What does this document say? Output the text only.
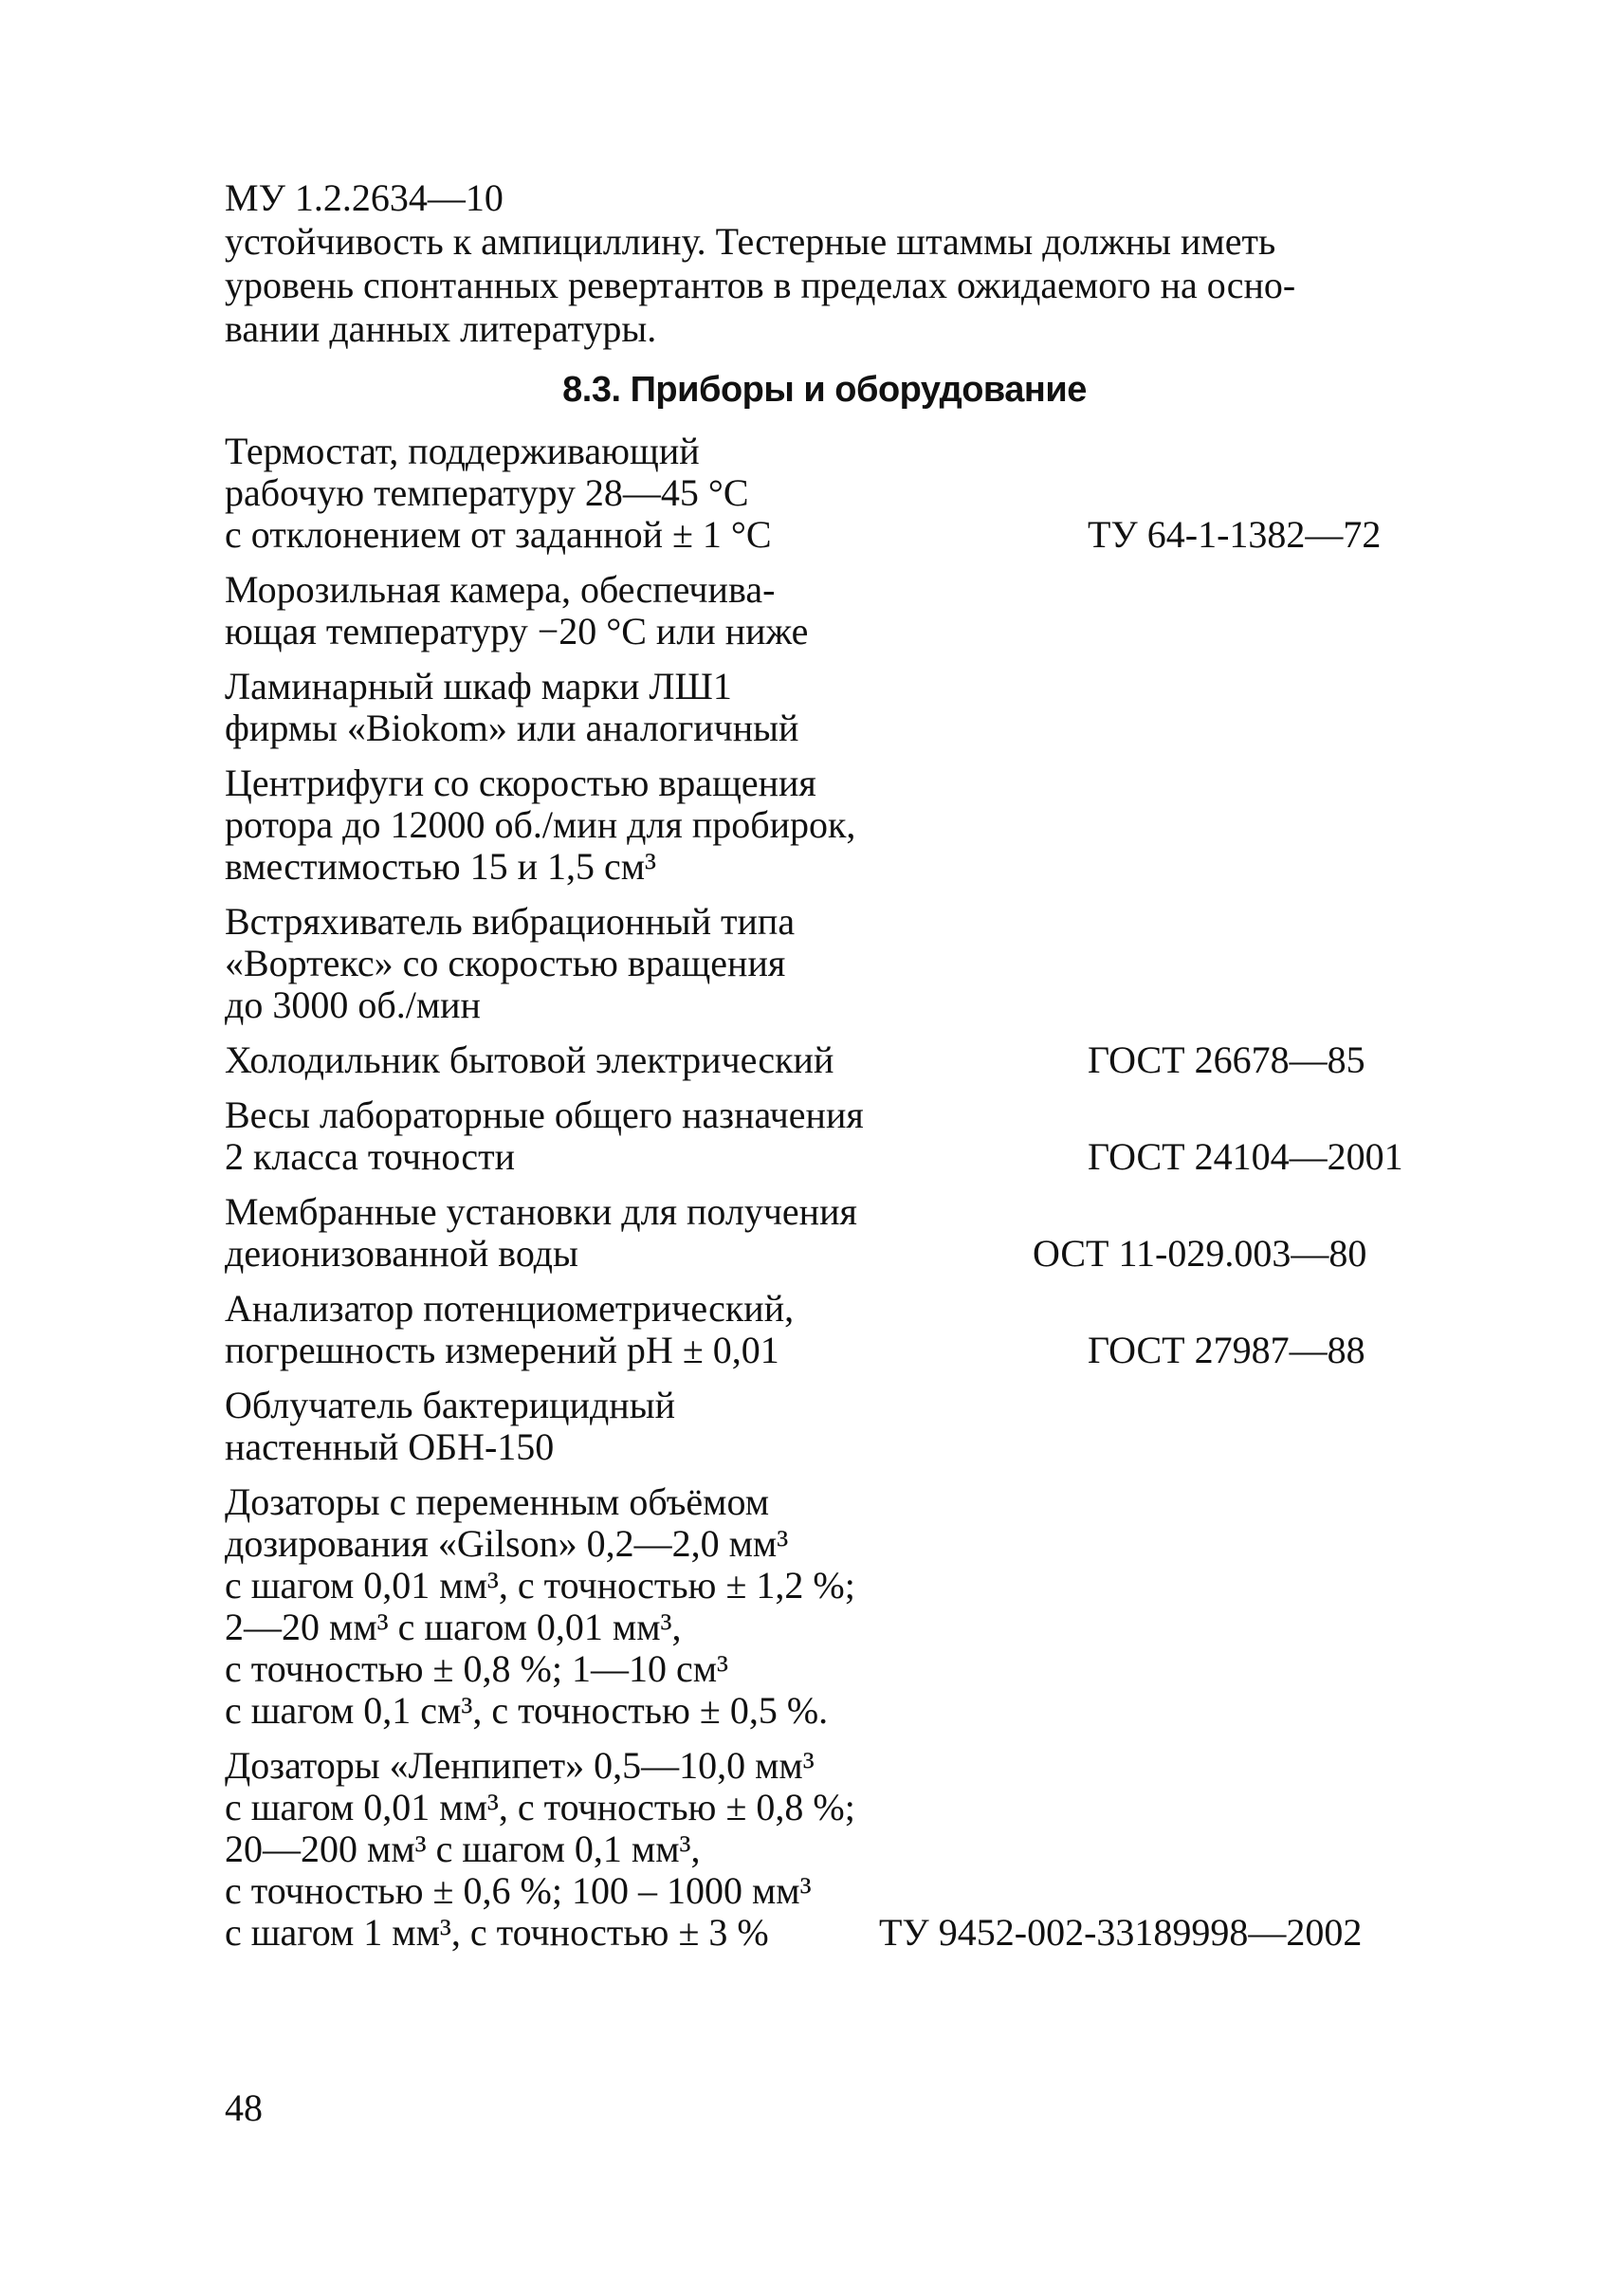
МУ 1.2.2634—10

устойчивость к ампициллину. Тестерные штаммы должны иметь
уровень спонтанных ревертантов в пределах ожидаемого на осно-
вании данных литературы.

8.3. Приборы и оборудование
Термостат, поддерживающий
рабочую температуру 28—45 °С
с отклонением от заданной ± 1 °С	ТУ 64-1-1382—72
Морозильная камера, обеспечива-
ющая температуру −20 °С или ниже
Ламинарный шкаф марки ЛШ1
фирмы «Biokom» или аналогичный
Центрифуги со скоростью вращения
ротора до 12000 об./мин для пробирок,
вместимостью 15 и 1,5 см³
Встряхиватель вибрационный типа
«Вортекс» со скоростью вращения
до 3000 об./мин
Холодильник бытовой электрический	ГОСТ 26678—85
Весы лабораторные общего назначения
2 класса точности	ГОСТ 24104—2001
Мембранные установки для получения
деионизованной воды	ОСТ 11-029.003—80
Анализатор потенциометрический,
погрешность измерений pH ± 0,01	ГОСТ 27987—88
Облучатель бактерицидный
настенный ОБН-150
Дозаторы с переменным объёмом
дозирования «Gilson» 0,2—2,0 мм³
с шагом 0,01 мм³, с точностью ± 1,2 %;
2—20 мм³ с шагом 0,01 мм³,
с точностью ± 0,8 %; 1—10 см³
с шагом 0,1 см³, с точностью ± 0,5 %.
Дозаторы «Ленпипет» 0,5—10,0 мм³
с шагом 0,01 мм³, с точностью ± 0,8 %;
20—200 мм³ с шагом 0,1 мм³,
с точностью ± 0,6 %; 100 – 1000 мм³
с шагом 1 мм³, с точностью ± 3 %	ТУ 9452-002-33189998—2002
48
